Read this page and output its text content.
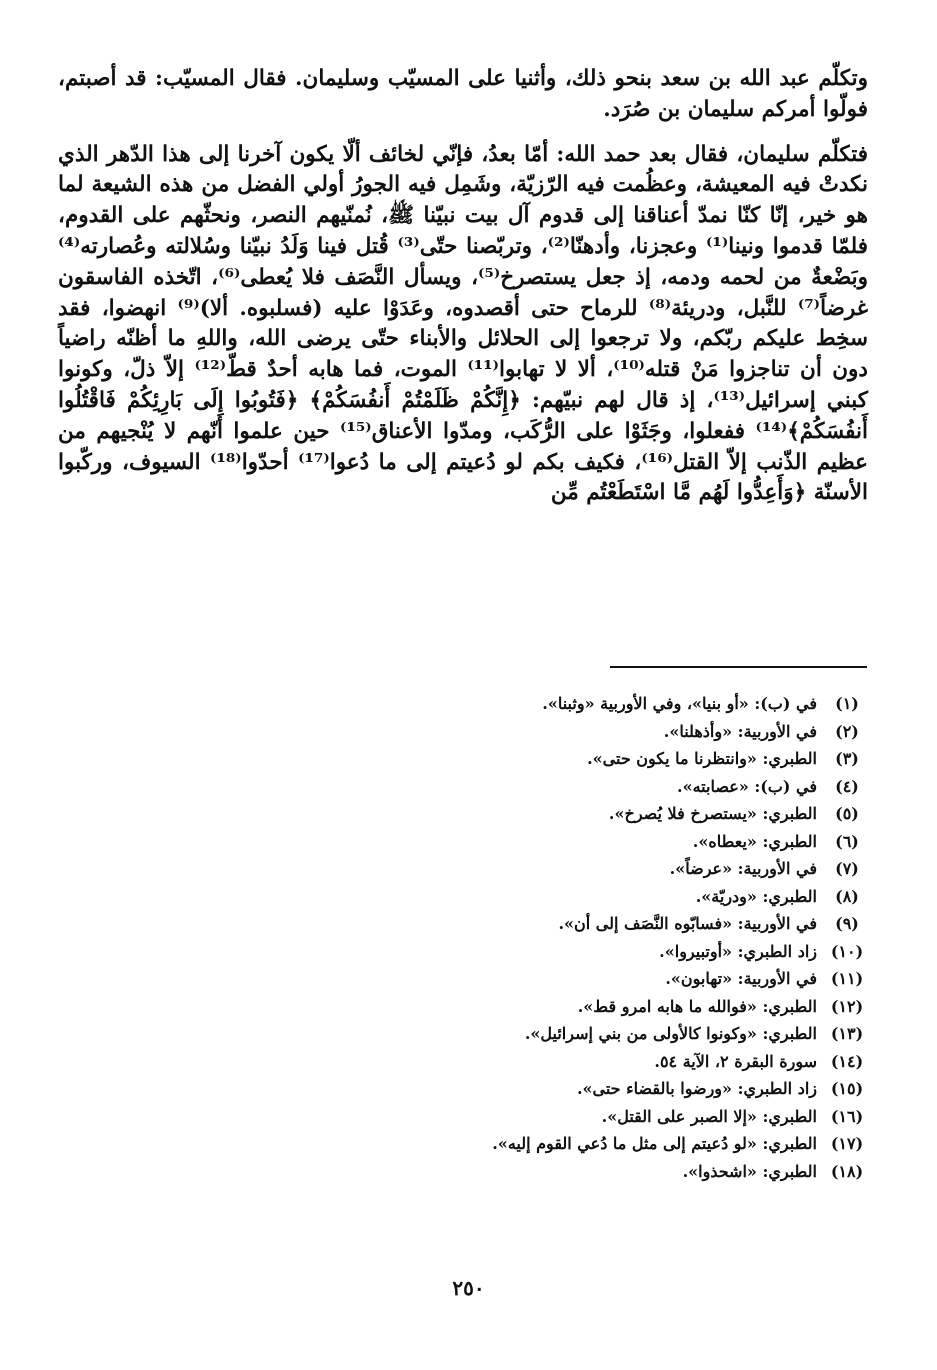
وتكلّم عبد الله بن سعد بنحو ذلك، وأثنيا على المسيّب وسليمان. فقال المسيّب: قد أصبتم، فولّوا أمركم سليمان بن صُرَد.

فتكلّم سليمان، فقال بعد حمد الله: أمّا بعدُ، فإنّي لخائف ألّا يكون آخرنا إلى هذا الدّهر الذي نكدتْ فيه المعيشة، وعظُمت فيه الرّزيّة، وشَمِل فيه الجورُ أولي الفضل من هذه الشيعة لما هو خير، إنّا كنّا نمدّ أعناقنا إلى قدوم آل بيت نبيّنا ﷺ، نُمنّيهم النصر، ونحثّهم على القدوم، فلمّا قدموا ونينا⁽¹⁾ وعجزنا، وأدهنّا⁽²⁾، وتربّصنا حتّى⁽³⁾ قُتل فينا وَلَدُ نبيّنا وسُلالته وعُصارته⁽⁴⁾ وبَضْعةٌ من لحمه ودمه، إذ جعل يستصرخ⁽⁵⁾، ويسأل النَّصَف فلا يُعطى⁽⁶⁾، اتّخذه الفاسقون غرضاً⁽⁷⁾ للنَّبل، ودريئة⁽⁸⁾ للرماح حتى أقصدوه، وعَدَوْا عليه (فسلبوه. ألا)⁽⁹⁾ انهضوا، فقد سخِط عليكم ربّكم، ولا ترجعوا إلى الحلائل والأبناء حتّى يرضى الله، واللهِ ما أظنّه راضياً دون أن تناجزوا مَنْ قتله⁽¹⁰⁾، ألا لا تهابوا⁽¹¹⁾ الموت، فما هابه أحدٌ قطّ⁽¹²⁾ إلاّ ذلّ، وكونوا كبني إسرائيل⁽¹³⁾، إذ قال لهم نبيّهم: ﴿إِنَّكُمْ ظَلَمْتُمْ أَنفُسَكُمْ﴾ ﴿فَتُوبُوا إِلَى بَارِئِكُمْ فَاقْتُلُوا أَنفُسَكُمْ﴾⁽¹⁴⁾ ففعلوا، وجَثَوْا على الرُّكَب، ومدّوا الأعناق⁽¹⁵⁾ حين علموا أنّهم لا يُنْجيهم من عظيم الذّنب إلاّ القتل⁽¹⁶⁾، فكيف بكم لو دُعيتم إلى ما دُعوا⁽¹⁷⁾ أحدّوا⁽¹⁸⁾ السيوف، وركّبوا الأسنّة ﴿وَأَعِدُّوا لَهُم مَّا اسْتَطَعْتُم مِّن

(١)
في (ب): «أو بنيا»، وفي الأوربية «وثبنا».
(٢)
في الأوربية: «وأذهلنا».
(٣)
الطبري: «وانتظرنا ما يكون حتى».
(٤)
في (ب): «عصابته».
(٥)
الطبري: «يستصرخ فلا يُصرخ».
(٦)
الطبري: «يعطاه».
(٧)
في الأوربية: «عرضاً».
(٨)
الطبري: «ودريّة».
(٩)
في الأوربية: «فسابّوه النَّصَف إلى أن».
(١٠)
زاد الطبري: «أوتبيروا».
(١١)
في الأوربية: «تهابون».
(١٢)
الطبري: «فوالله ما هابه امرو قط».
(١٣)
الطبري: «وكونوا كالأولى من بني إسرائيل».
(١٤)
سورة البقرة ٢، الآية ٥٤.
(١٥)
زاد الطبري: «ورضوا بالقضاء حتى».
(١٦)
الطبري: «إلا الصبر على القتل».
(١٧)
الطبري: «لو دُعيتم إلى مثل ما دُعي القوم إليه».
(١٨)
الطبري: «اشحذوا».
٢٥٠
